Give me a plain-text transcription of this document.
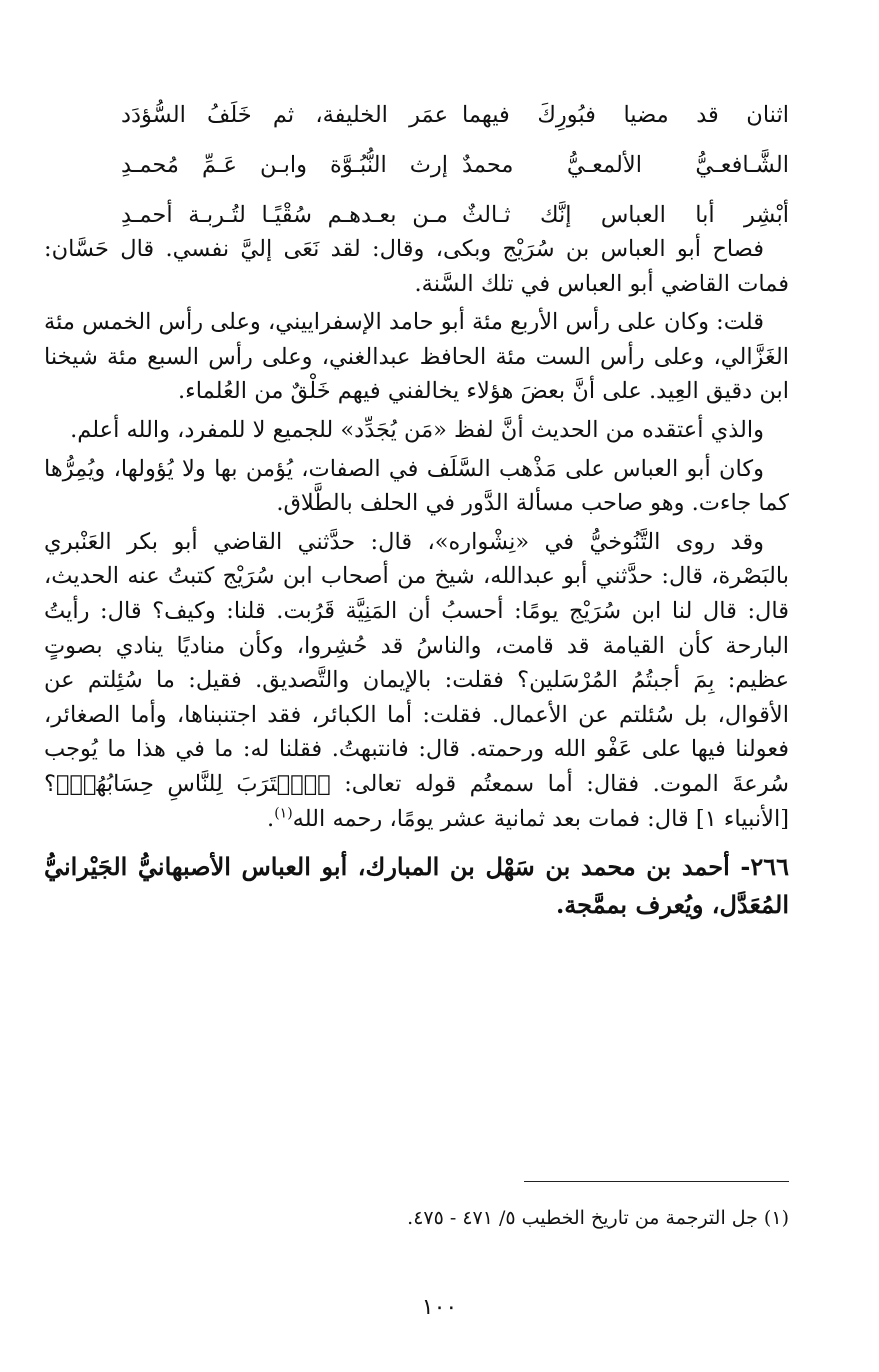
اثنان قد مضيا فبُورِكَ فيهما
عمَر الخليفة، ثم خَلَفُ السُّؤدَد
الشَّـافعـيُّ الألمعـيُّ محمدٌ
إرث النُّبُـوَّة وابـن عَـمِّ مُحمـدِ
أبْشِر أبا العباس إنَّك ثـالثٌ
مـن بعـدهـم سُقْيًـا لتُـربـة أحمـدِ

فصاح أبو العباس بن سُرَيْج وبكى، وقال: لقد نَعَى إليَّ نفسي. قال حَسَّان: فمات القاضي أبو العباس في تلك السَّنة.

قلت: وكان على رأس الأربع مئة أبو حامد الإسفراييني، وعلى رأس الخمس مئة الغَزَّالي، وعلى رأس الست مئة الحافظ عبدالغني، وعلى رأس السبع مئة شيخنا ابن دقيق العِيد. على أنَّ بعضَ هؤلاء يخالفني فيهم خَلْقٌ من العُلماء.

والذي أعتقده من الحديث أنَّ لفظ «مَن يُجَدِّد» للجميع لا للمفرد، والله أعلم.

وكان أبو العباس على مَذْهب السَّلَف في الصفات، يُؤمن بها ولا يُؤولها، ويُمِرُّها كما جاءت. وهو صاحب مسألة الدَّور في الحلف بالطَّلاق.

وقد روى التَّنُوخيُّ في «نِشْواره»، قال: حدَّثني القاضي أبو بكر العَنْبري بالبَصْرة، قال: حدَّثني أبو عبدالله، شيخ من أصحاب ابن سُرَيْج كتبتُ عنه الحديث، قال: قال لنا ابن سُرَيْج يومًا: أحسبُ أن المَنِيَّة قَرُبت. قلنا: وكيف؟ قال: رأيتُ البارحة كأن القيامة قد قامت، والناسُ قد حُشِروا، وكأن مناديًا ينادي بصوتٍ عظيم: بِمَ أجبتُمُ المُرْسَلين؟ فقلت: بالإيمان والتَّصديق. فقيل: ما سُئِلتم عن الأقوال، بل سُئلتم عن الأعمال. فقلت: أما الكبائر، فقد اجتنبناها، وأما الصغائر، فعولنا فيها على عَفْو الله ورحمته. قال: فانتبهتُ. فقلنا له: ما في هذا ما يُوجب سُرعةَ الموت. فقال: أما سمعتُم قوله تعالى: ﴿ٱقۡتَرَبَ لِلنَّاسِ حِسَابُهُمۡ﴾؟ [الأنبياء ١] قال: فمات بعد ثمانية عشر يومًا، رحمه الله$^{(١)}$.

٢٦٦- أحمد بن محمد بن سَهْل بن المبارك، أبو العباس الأصبهانيُّ الجَيْرانيُّ المُعَدَّل، ويُعرف بممَّجة.

(١) جل الترجمة من تاريخ الخطيب ٥/ ٤٧١ - ٤٧٥.
١٠٠
